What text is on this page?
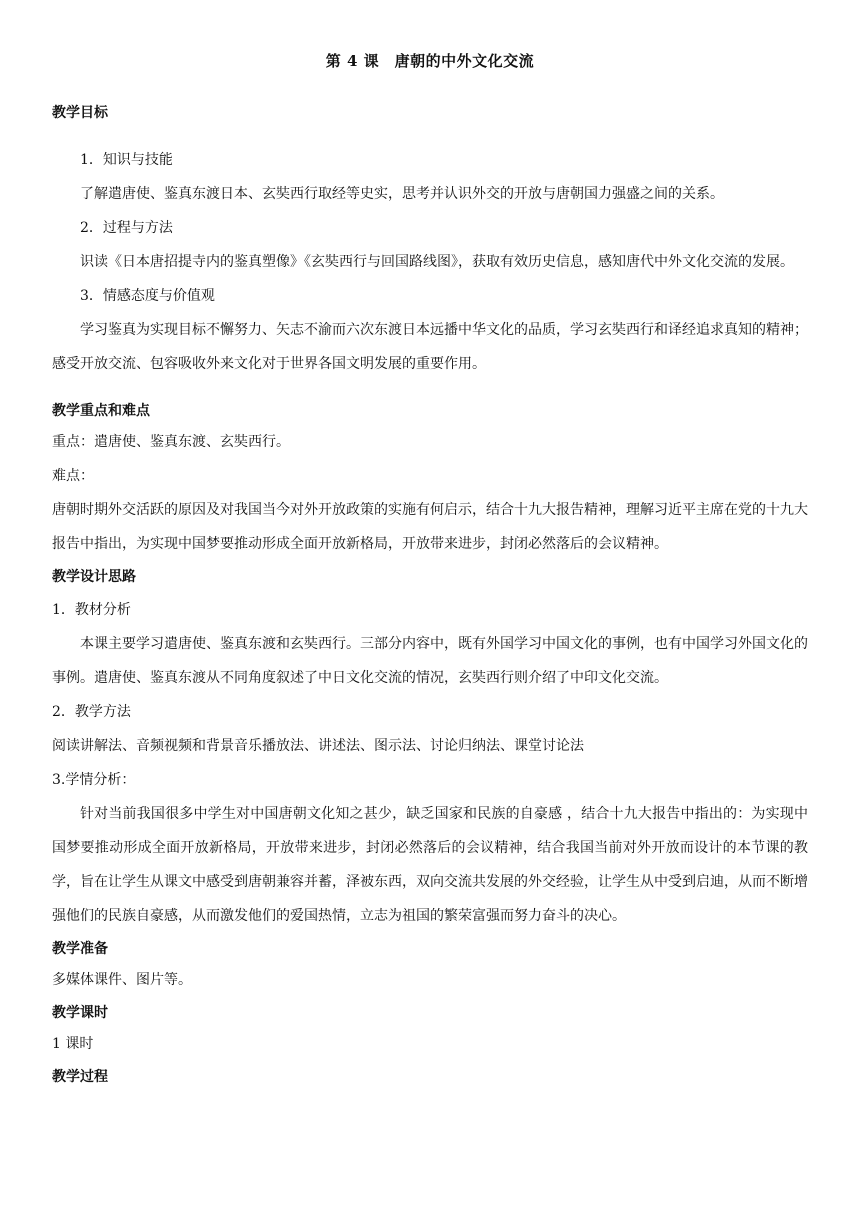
第 4 课　唐朝的中外文化交流
教学目标
1．知识与技能
了解遣唐使、鉴真东渡日本、玄奘西行取经等史实，思考并认识外交的开放与唐朝国力强盛之间的关系。
2．过程与方法
识读《日本唐招提寺内的鉴真塑像》《玄奘西行与回国路线图》，获取有效历史信息，感知唐代中外文化交流的发展。
3．情感态度与价值观
学习鉴真为实现目标不懈努力、矢志不渝而六次东渡日本远播中华文化的品质，学习玄奘西行和译经追求真知的精神；感受开放交流、包容吸收外来文化对于世界各国文明发展的重要作用。
教学重点和难点
重点：遣唐使、鉴真东渡、玄奘西行。
难点：
唐朝时期外交活跃的原因及对我国当今对外开放政策的实施有何启示，结合十九大报告精神，理解习近平主席在党的十九大报告中指出，为实现中国梦要推动形成全面开放新格局，开放带来进步，封闭必然落后的会议精神。
教学设计思路
1．教材分析
本课主要学习遣唐使、鉴真东渡和玄奘西行。三部分内容中，既有外国学习中国文化的事例，也有中国学习外国文化的事例。遣唐使、鉴真东渡从不同角度叙述了中日文化交流的情况，玄奘西行则介绍了中印文化交流。
2．教学方法
阅读讲解法、音频视频和背景音乐播放法、讲述法、图示法、讨论归纳法、课堂讨论法
3.学情分析：
针对当前我国很多中学生对中国唐朝文化知之甚少，缺乏国家和民族的自豪感 ，结合十九大报告中指出的：为实现中国梦要推动形成全面开放新格局，开放带来进步，封闭必然落后的会议精神，结合我国当前对外开放而设计的本节课的教学，旨在让学生从课文中感受到唐朝兼容并蓄，泽被东西，双向交流共发展的外交经验，让学生从中受到启迪，从而不断增强他们的民族自豪感，从而激发他们的爱国热情，立志为祖国的繁荣富强而努力奋斗的决心。
教学准备
多媒体课件、图片等。
教学课时
1 课时
教学过程
